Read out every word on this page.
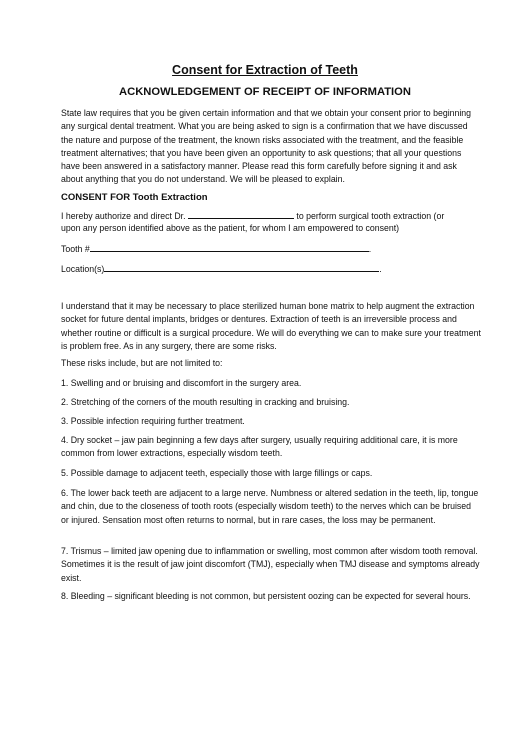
Consent for Extraction of Teeth
ACKNOWLEDGEMENT OF RECEIPT OF INFORMATION

State law requires that you be given certain information and that we obtain your consent prior to beginning any surgical dental treatment. What you are being asked to sign is a confirmation that we have discussed the nature and purpose of the treatment, the known risks associated with the treatment, and the feasible treatment alternatives; that you have been given an opportunity to ask questions; that all your questions have been answered in a satisfactory manner. Please read this form carefully before signing it and ask about anything that you do not understand. We will be pleased to explain.

CONSENT FOR Tooth Extraction
I hereby authorize and direct Dr.	to perform surgical tooth extraction (or
upon any person identified above as the patient, for whom I am empowered to consent)
Tooth #	.
Location(s)	.

I understand that it may be necessary to place sterilized human bone matrix to help augment the extraction socket for future dental implants, bridges or dentures. Extraction of teeth is an irreversible process and whether routine or difficult is a surgical procedure. We will do everything we can to make sure your treatment is problem free. As in any surgery, there are some risks.

These risks include, but are not limited to:

1. Swelling and or bruising and discomfort in the surgery area.

2. Stretching of the corners of the mouth resulting in cracking and bruising.

3. Possible infection requiring further treatment.

4. Dry socket – jaw pain beginning a few days after surgery, usually requiring additional care, it is more common from lower extractions, especially wisdom teeth.

5. Possible damage to adjacent teeth, especially those with large fillings or caps.

6. The lower back teeth are adjacent to a large nerve. Numbness or altered sedation in the teeth, lip, tongue and chin, due to the closeness of tooth roots (especially wisdom teeth) to the nerves which can be bruised or injured. Sensation most often returns to normal, but in rare cases, the loss may be permanent.

7. Trismus – limited jaw opening due to inflammation or swelling, most common after wisdom tooth removal. Sometimes it is the result of jaw joint discomfort (TMJ), especially when TMJ disease and symptoms already exist.

8. Bleeding – significant bleeding is not common, but persistent oozing can be expected for several hours.
